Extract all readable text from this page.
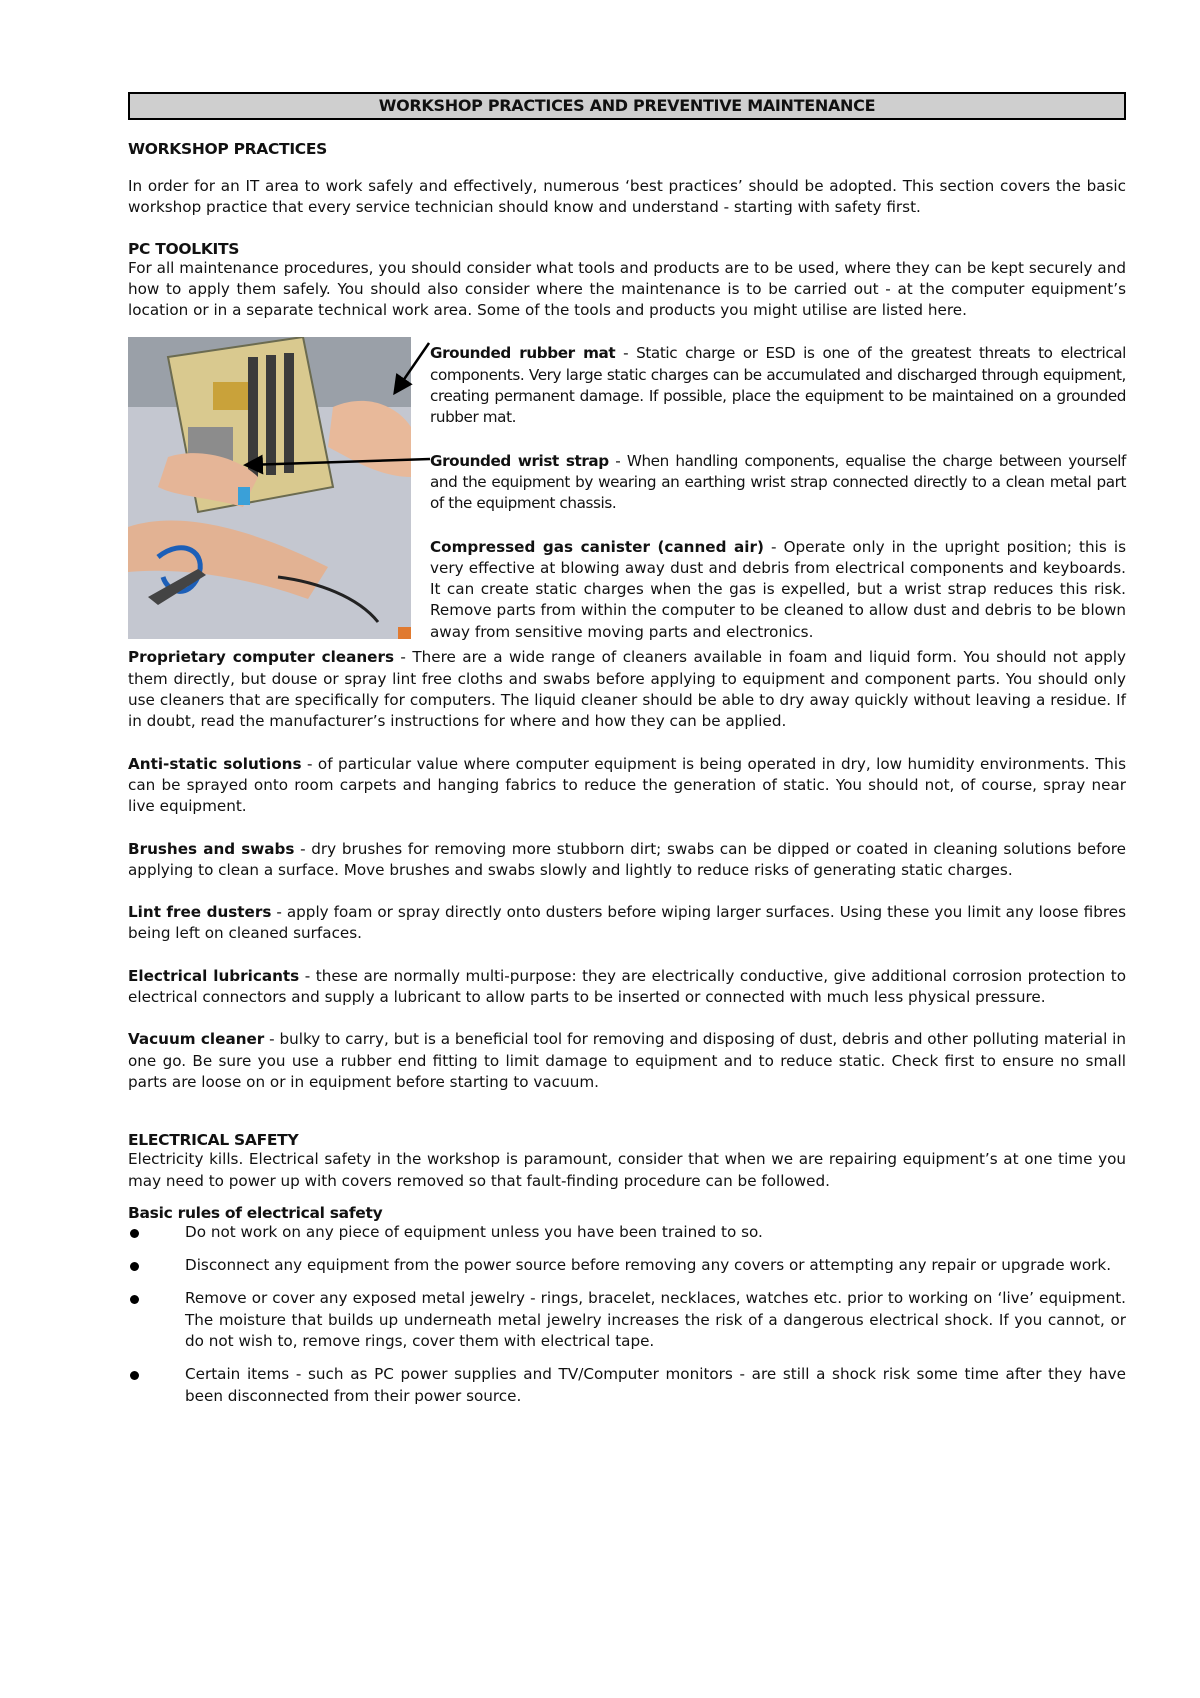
WORKSHOP PRACTICES AND PREVENTIVE MAINTENANCE

WORKSHOP PRACTICES

In order for an IT area to work safely and effectively, numerous ‘best practices’ should be adopted. This section covers the basic workshop practice that every service technician should know and understand - starting with safety first.

PC TOOLKITS

For all maintenance procedures, you should consider what tools and products are to be used, where they can be kept securely and how to apply them safely. You should also consider where the maintenance is to be carried out - at the computer equipment’s location or in a separate technical work area. Some of the tools and products you might utilise are listed here.

Grounded rubber mat - Static charge or ESD is one of the greatest threats to electrical components. Very large static charges can be accumulated and discharged through equipment, creating permanent damage. If possible, place the equipment to be maintained on a grounded rubber mat.

Grounded wrist strap - When handling components, equalise the charge between yourself and the equipment by wearing an earthing wrist strap connected directly to a clean metal part of the equipment chassis.

Compressed gas canister (canned air) - Operate only in the upright position; this is very effective at blowing away dust and debris from electrical components and keyboards. It can create static charges when the gas is expelled, but a wrist strap reduces this risk. Remove parts from within the computer to be cleaned to allow dust and debris to be blown away from sensitive moving parts and electronics.

Proprietary computer cleaners - There are a wide range of cleaners available in foam and liquid form. You should not apply them directly, but douse or spray lint free cloths and swabs before applying to equipment and component parts. You should only use cleaners that are specifically for computers. The liquid cleaner should be able to dry away quickly without leaving a residue. If in doubt, read the manufacturer’s instructions for where and how they can be applied.

Anti-static solutions - of particular value where computer equipment is being operated in dry, low humidity environments. This can be sprayed onto room carpets and hanging fabrics to reduce the generation of static. You should not, of course, spray near live equipment.

Brushes and swabs - dry brushes for removing more stubborn dirt; swabs can be dipped or coated in cleaning solutions before applying to clean a surface. Move brushes and swabs slowly and lightly to reduce risks of generating static charges.

Lint free dusters - apply foam or spray directly onto dusters before wiping larger surfaces. Using these you limit any loose fibres being left on cleaned surfaces.

Electrical lubricants - these are normally multi-purpose: they are electrically conductive, give additional corrosion protection to electrical connectors and supply a lubricant to allow parts to be inserted or connected with much less physical pressure.

Vacuum cleaner - bulky to carry, but is a beneficial tool for removing and disposing of dust, debris and other polluting material in one go. Be sure you use a rubber end fitting to limit damage to equipment and to reduce static. Check first to ensure no small parts are loose on or in equipment before starting to vacuum.

ELECTRICAL SAFETY

Electricity kills. Electrical safety in the workshop is paramount, consider that when we are repairing equipment’s at one time you may need to power up with covers removed so that fault-finding procedure can be followed.

Basic rules of electrical safety

Do not work on any piece of equipment unless you have been trained to so.
Disconnect any equipment from the power source before removing any covers or attempting any repair or upgrade work.
Remove or cover any exposed metal jewelry - rings, bracelet, necklaces, watches etc. prior to working on ‘live’ equipment. The moisture that builds up underneath metal jewelry increases the risk of a dangerous electrical shock. If you cannot, or do not wish to, remove rings, cover them with electrical tape.
Certain items - such as PC power supplies and TV/Computer monitors - are still a shock risk some time after they have been disconnected from their power source.
